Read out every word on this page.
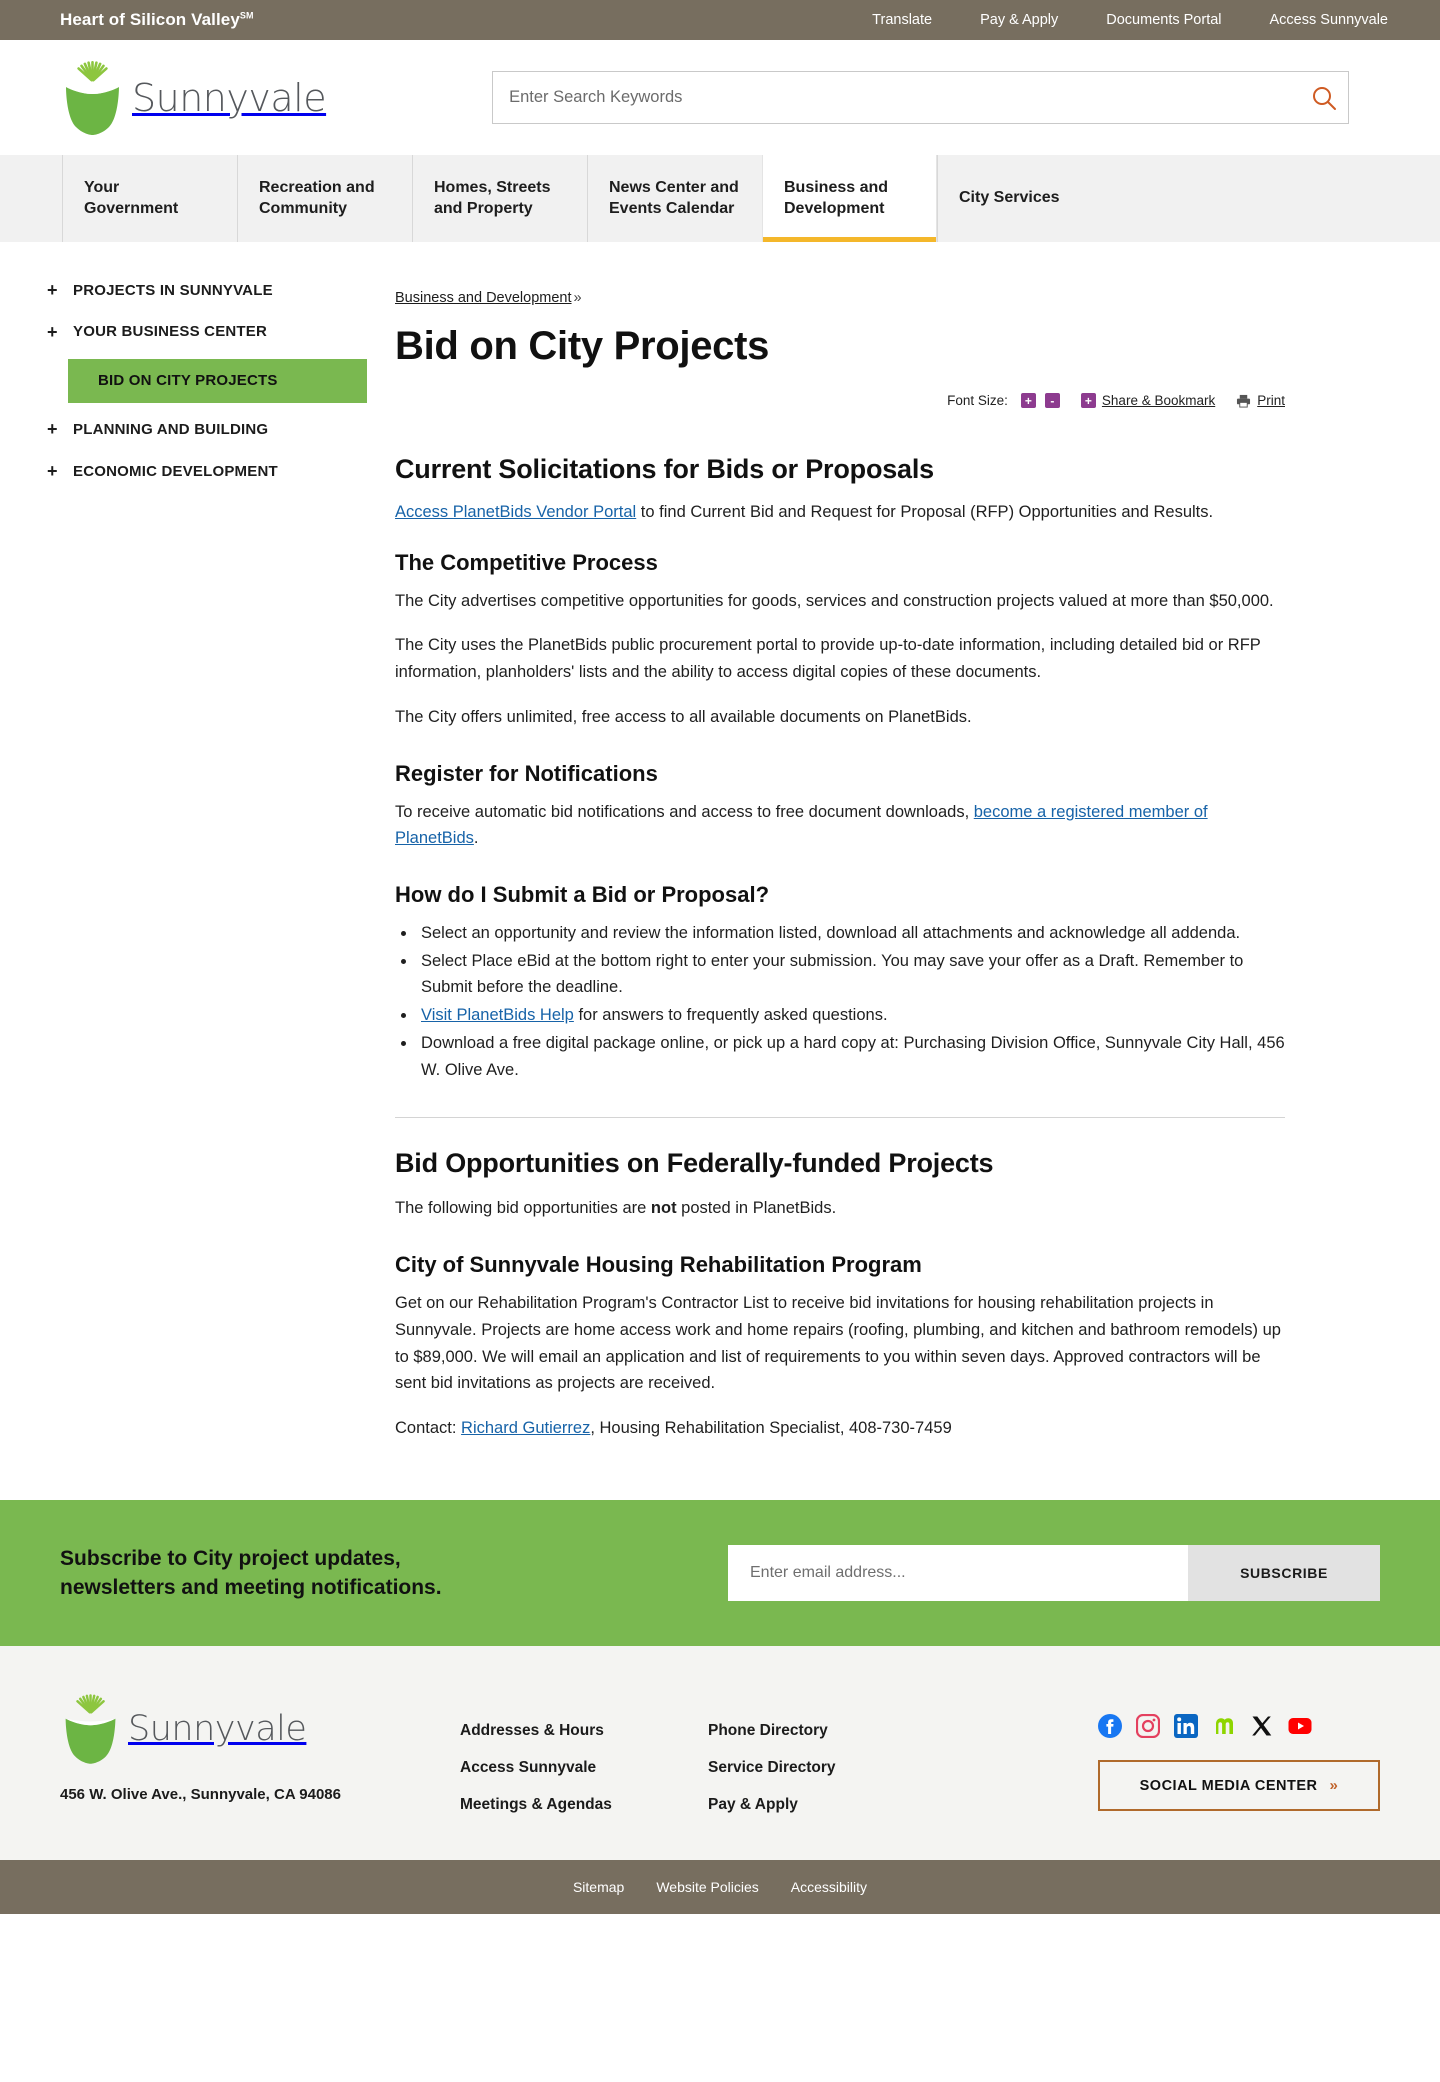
Heart of Silicon Valley℠	Translate	Pay & Apply	Documents Portal	Access Sunnyvale
Sunnyvale
Enter Search Keywords
Your Government
Recreation and Community
Homes, Streets and Property
News Center and Events Calendar
Business and Development
City Services
+ PROJECTS IN SUNNYVALE
+ YOUR BUSINESS CENTER
BID ON CITY PROJECTS
+ PLANNING AND BUILDING
+ ECONOMIC DEVELOPMENT
Business and Development »
Bid on City Projects
Font Size:	+	-	+ Share & Bookmark	Print
Current Solicitations for Bids or Proposals

Access PlanetBids Vendor Portal to find Current Bid and Request for Proposal (RFP) Opportunities and Results.

The Competitive Process

The City advertises competitive opportunities for goods, services and construction projects valued at more than $50,000.

The City uses the PlanetBids public procurement portal to provide up-to-date information, including detailed bid or RFP information, planholders' lists and the ability to access digital copies of these documents.

The City offers unlimited, free access to all available documents on PlanetBids.

Register for Notifications

To receive automatic bid notifications and access to free document downloads, become a registered member of PlanetBids.

How do I Submit a Bid or Proposal?
• Select an opportunity and review the information listed, download all attachments and acknowledge all addenda.
• Select Place eBid at the bottom right to enter your submission. You may save your offer as a Draft. Remember to Submit before the deadline.
• Visit PlanetBids Help for answers to frequently asked questions.
• Download a free digital package online, or pick up a hard copy at: Purchasing Division Office, Sunnyvale City Hall, 456 W. Olive Ave.
Bid Opportunities on Federally-funded Projects

The following bid opportunities are not posted in PlanetBids.

City of Sunnyvale Housing Rehabilitation Program

Get on our Rehabilitation Program's Contractor List to receive bid invitations for housing rehabilitation projects in Sunnyvale. Projects are home access work and home repairs (roofing, plumbing, and kitchen and bathroom remodels) up to $89,000. We will email an application and list of requirements to you within seven days. Approved contractors will be sent bid invitations as projects are received.

Contact: Richard Gutierrez, Housing Rehabilitation Specialist, 408-730-7459

Subscribe to City project updates,
newsletters and meeting notifications.
Enter email address...
SUBSCRIBE
Sunnyvale
456 W. Olive Ave., Sunnyvale, CA 94086
Addresses & Hours
Access Sunnyvale
Meetings & Agendas
Phone Directory
Service Directory
Pay & Apply
SOCIAL MEDIA CENTER »
Sitemap	Website Policies	Accessibility
